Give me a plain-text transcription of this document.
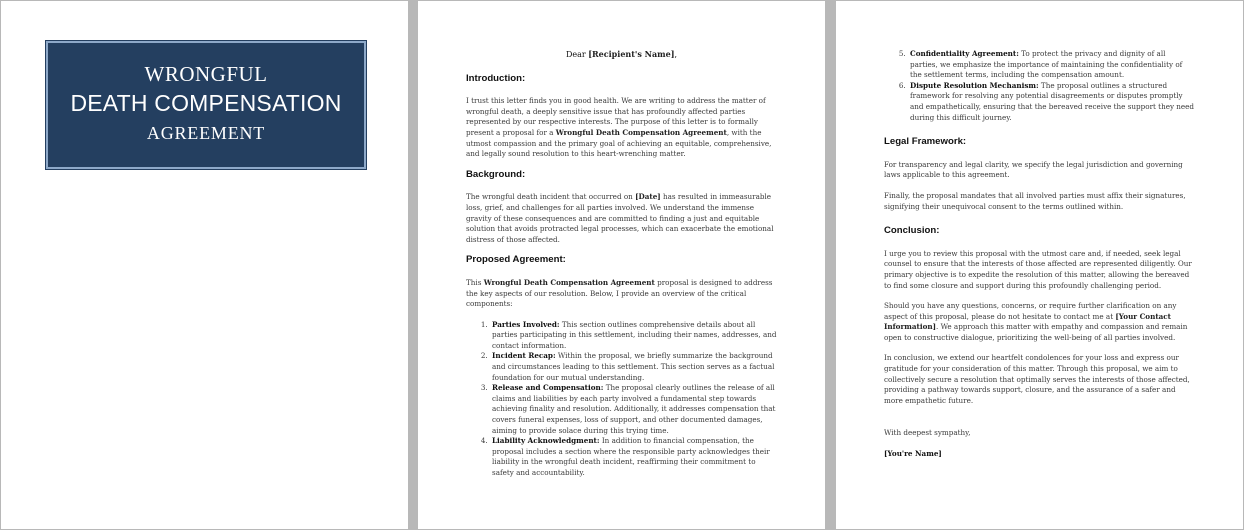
WRONGFUL
DEATH COMPENSATION
AGREEMENT
Dear [Recipient's Name],
Introduction:

I trust this letter finds you in good health. We are writing to address the matter of wrongful death, a deeply sensitive issue that has profoundly affected parties represented by our respective interests. The purpose of this letter is to formally present a proposal for a Wrongful Death Compensation Agreement, with the utmost compassion and the primary goal of achieving an equitable, comprehensive, and legally sound resolution to this heart-wrenching matter.

Background:

The wrongful death incident that occurred on [Date] has resulted in immeasurable loss, grief, and challenges for all parties involved. We understand the immense gravity of these consequences and are committed to finding a just and equitable solution that avoids protracted legal processes, which can exacerbate the emotional distress of those affected.

Proposed Agreement:

This Wrongful Death Compensation Agreement proposal is designed to address the key aspects of our resolution. Below, I provide an overview of the critical components:

1. Parties Involved: This section outlines comprehensive details about all parties participating in this settlement, including their names, addresses, and contact information.
2. Incident Recap: Within the proposal, we briefly summarize the background and circumstances leading to this settlement. This section serves as a factual foundation for our mutual understanding.
3. Release and Compensation: The proposal clearly outlines the release of all claims and liabilities by each party involved a fundamental step towards achieving finality and resolution. Additionally, it addresses compensation that covers funeral expenses, loss of support, and other documented damages, aiming to provide solace during this trying time.
4. Liability Acknowledgment: In addition to financial compensation, the proposal includes a section where the responsible party acknowledges their liability in the wrongful death incident, reaffirming their commitment to safety and accountability.
5. Confidentiality Agreement: To protect the privacy and dignity of all parties, we emphasize the importance of maintaining the confidentiality of the settlement terms, including the compensation amount.
6. Dispute Resolution Mechanism: The proposal outlines a structured framework for resolving any potential disagreements or disputes promptly and empathetically, ensuring that the bereaved receive the support they need during this difficult journey.
Legal Framework:

For transparency and legal clarity, we specify the legal jurisdiction and governing laws applicable to this agreement.

Finally, the proposal mandates that all involved parties must affix their signatures, signifying their unequivocal consent to the terms outlined within.

Conclusion:

I urge you to review this proposal with the utmost care and, if needed, seek legal counsel to ensure that the interests of those affected are represented diligently. Our primary objective is to expedite the resolution of this matter, allowing the bereaved to find some closure and support during this profoundly challenging period.

Should you have any questions, concerns, or require further clarification on any aspect of this proposal, please do not hesitate to contact me at [Your Contact Information]. We approach this matter with empathy and compassion and remain open to constructive dialogue, prioritizing the well-being of all parties involved.

In conclusion, we extend our heartfelt condolences for your loss and express our gratitude for your consideration of this matter. Through this proposal, we aim to collectively secure a resolution that optimally serves the interests of those affected, providing a pathway towards support, closure, and the assurance of a safer and more empathetic future.

With deepest sympathy,

[You're Name]
